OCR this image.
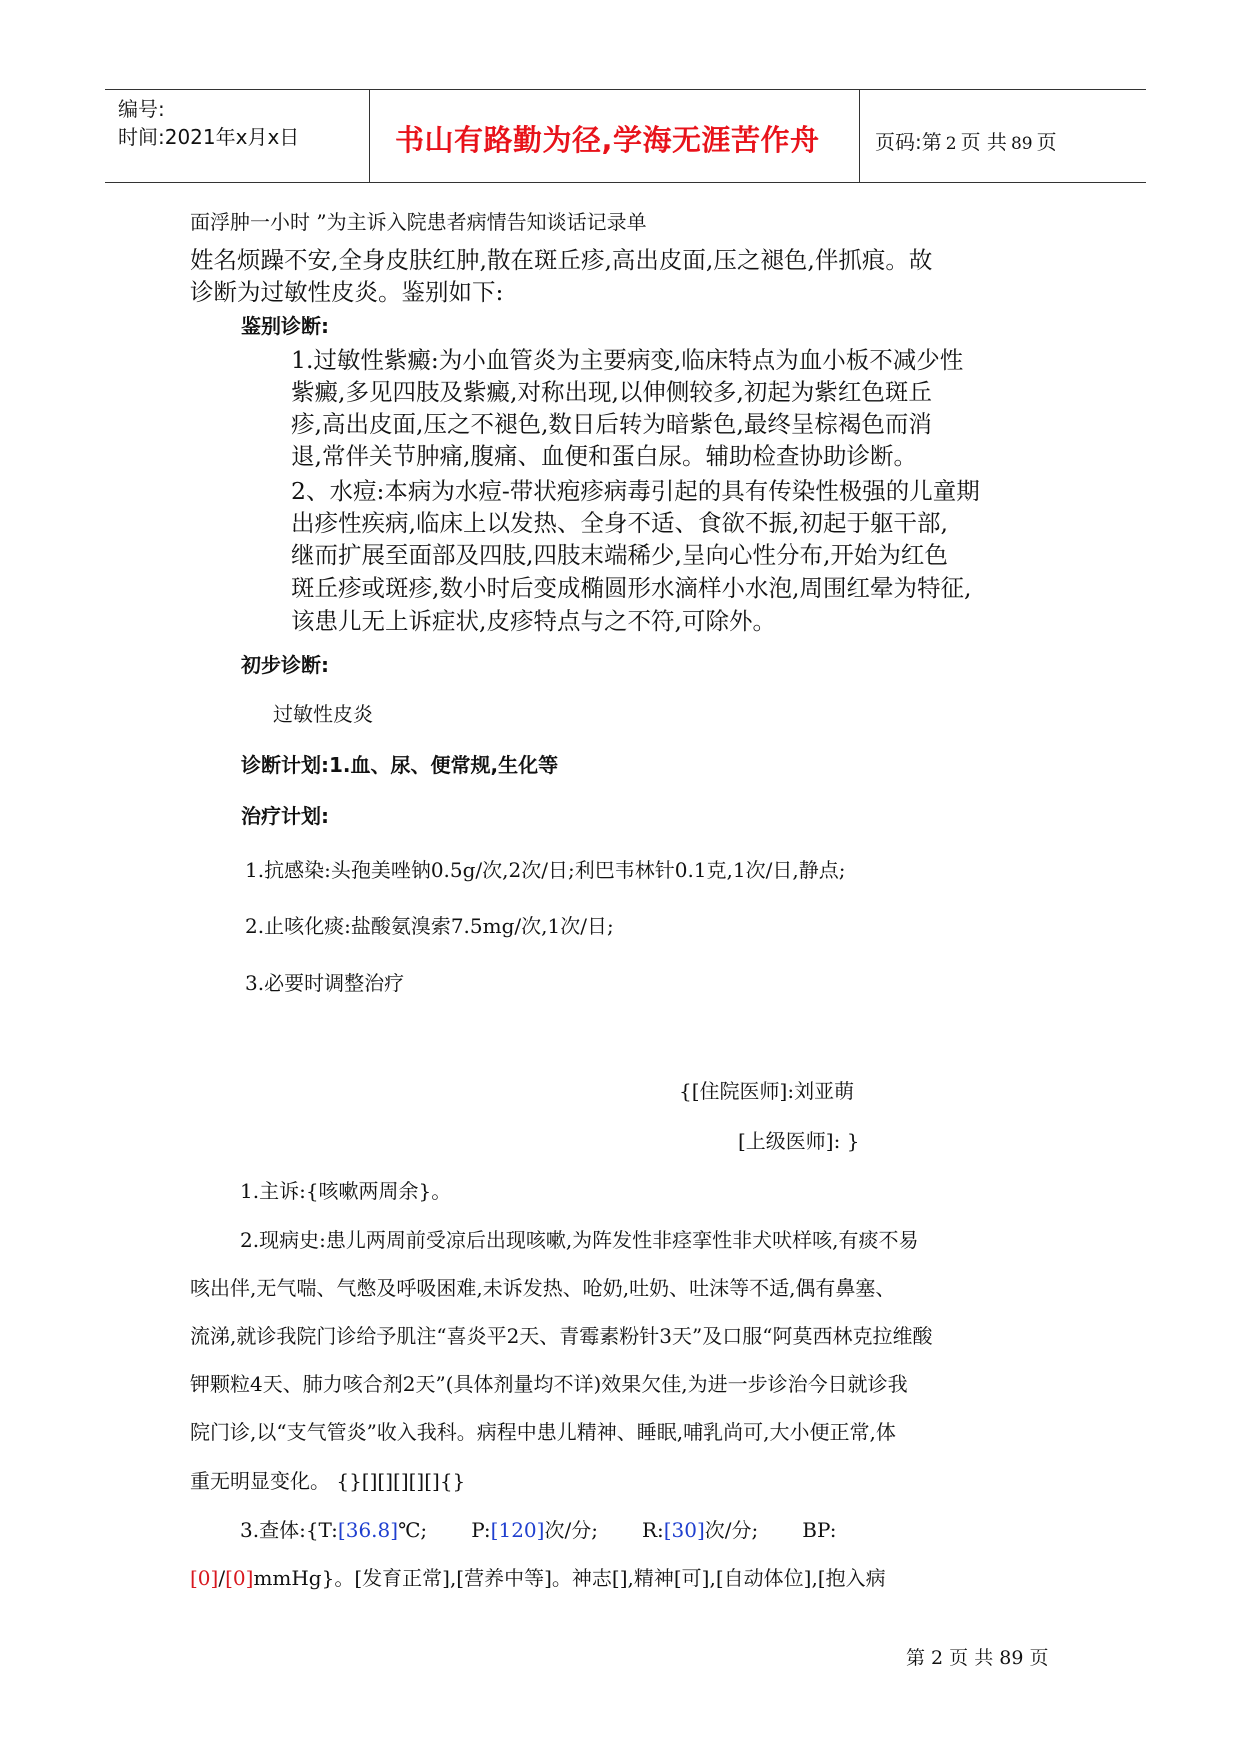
编号:
时间:2021年x月x日	书山有路勤为径,学海无涯苦作舟	页码:第 2 页 共 89 页
面浮肿一小时 ”为主诉入院患者病情告知谈话记录单
姓名烦躁不安,全身皮肤红肿,散在斑丘疹,高出皮面,压之褪色,伴抓痕。故
诊断为过敏性皮炎。鉴别如下:
鉴别诊断:
1.过敏性紫癜:为小血管炎为主要病变,临床特点为血小板不减少性
紫癜,多见四肢及紫癜,对称出现,以伸侧较多,初起为紫红色斑丘
疹,高出皮面,压之不褪色,数日后转为暗紫色,最终呈棕褐色而消
退,常伴关节肿痛,腹痛、血便和蛋白尿。辅助检查协助诊断。
2、水痘:本病为水痘-带状疱疹病毒引起的具有传染性极强的儿童期
出疹性疾病,临床上以发热、全身不适、食欲不振,初起于躯干部,
继而扩展至面部及四肢,四肢末端稀少,呈向心性分布,开始为红色
斑丘疹或斑疹,数小时后变成椭圆形水滴样小水泡,周围红晕为特征,
该患儿无上诉症状,皮疹特点与之不符,可除外。
初步诊断:
过敏性皮炎
诊断计划:1.血、尿、便常规,生化等
治疗计划:
1.抗感染:头孢美唑钠0.5g/次,2次/日;利巴韦林针0.1克,1次/日,静点;
2.止咳化痰:盐酸氨溴索7.5mg/次,1次/日;
3.必要时调整治疗
{[住院医师]:刘亚萌
[上级医师]: }
1.主诉:{咳嗽两周余}。
2.现病史:患儿两周前受凉后出现咳嗽,为阵发性非痉挛性非犬吠样咳,有痰不易
咳出伴,无气喘、气憋及呼吸困难,未诉发热、呛奶,吐奶、吐沫等不适,偶有鼻塞、
流涕,就诊我院门诊给予肌注“喜炎平2天、青霉素粉针3天”及口服“阿莫西林克拉维酸
钾颗粒4天、肺力咳合剂2天”(具体剂量均不详)效果欠佳,为进一步诊治今日就诊我
院门诊,以“支气管炎”收入我科。病程中患儿精神、睡眠,哺乳尚可,大小便正常,体
重无明显变化。 {}[][][][][]{}
3.查体:{T:[36.8]℃; P:[120]次/分; R:[30]次/分; BP:
[0]/[0]mmHg}。[发育正常],[营养中等]。神志[],精神[可],[自动体位],[抱入病
第 2 页 共 89 页
